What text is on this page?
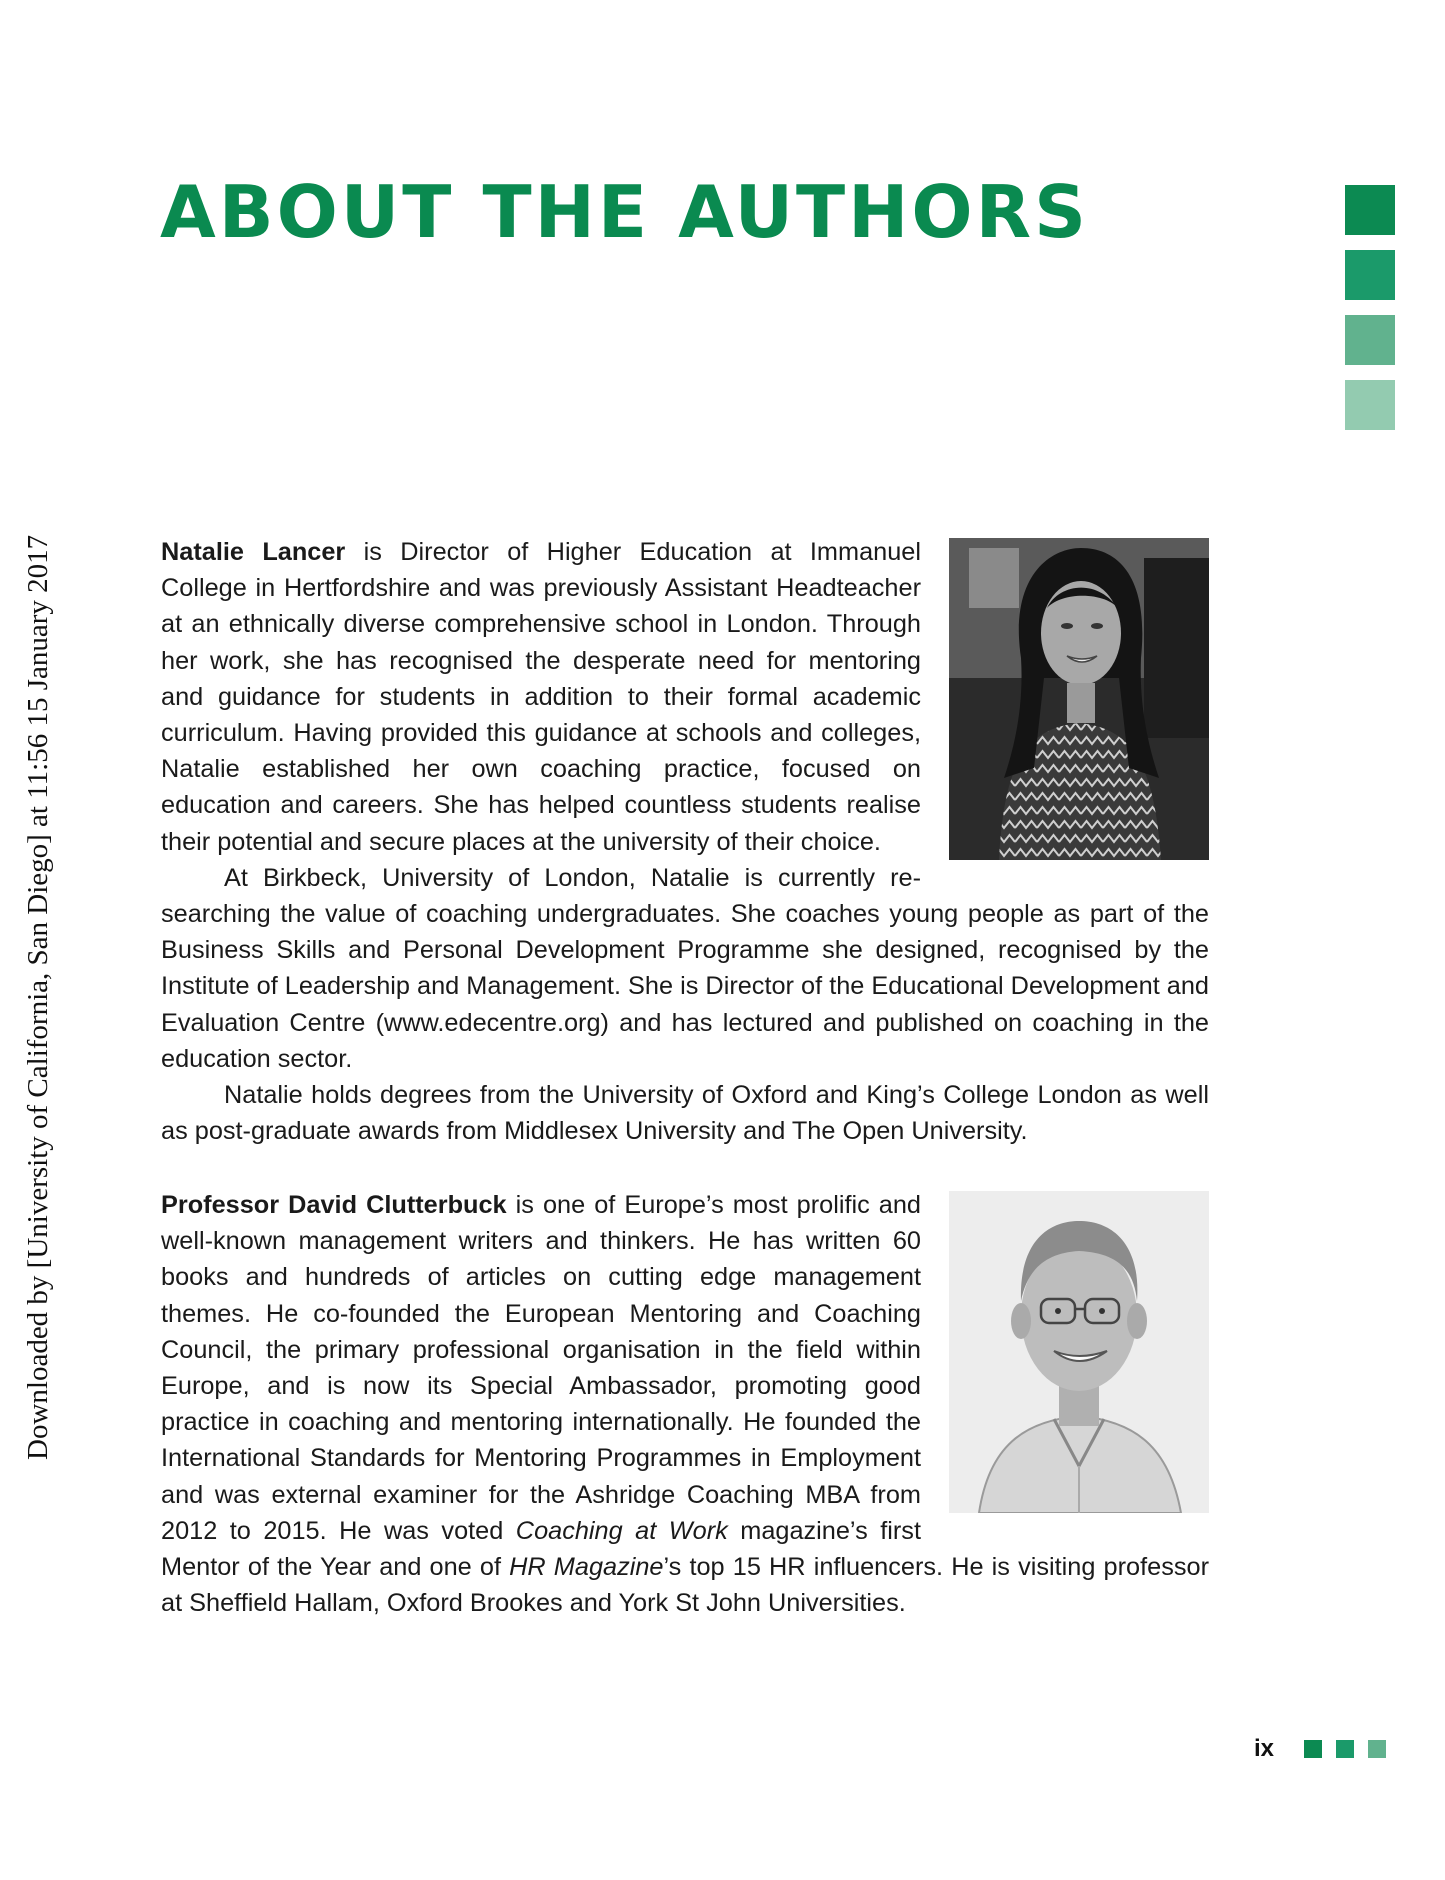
Downloaded by [University of California, San Diego] at 11:56 15 January 2017
ABOUT THE AUTHORS

Natalie Lancer is Director of Higher Education at Immanuel College in Hertfordshire and was previously Assistant Headteacher at an ethnically diverse comprehensive school in London. Through her work, she has recognised the desperate need for mentoring and guidance for students in addition to their formal academic curriculum. Having provided this guidance at schools and colleges, Natalie established her own coaching practice, focused on education and careers. She has helped countless students realise their potential and secure places at the university of their choice.

At Birkbeck, University of London, Natalie is currently researching the value of coaching undergraduates. She coaches young people as part of the Business Skills and Personal Development Programme she designed, recognised by the Institute of Leadership and Management. She is Director of the Educational Development and Evaluation Centre (www.edecentre.org) and has lectured and published on coaching in the education sector.

Natalie holds degrees from the University of Oxford and King’s College London as well as post-graduate awards from Middlesex University and The Open University.

Professor David Clutterbuck is one of Europe’s most prolific and well-known management writers and thinkers. He has written 60 books and hundreds of articles on cutting edge management themes. He co-founded the European Mentoring and Coaching Council, the primary professional organisation in the field within Europe, and is now its Special Ambassador, promoting good practice in coaching and mentoring internationally. He founded the International Standards for Mentoring Programmes in Employment and was external examiner for the Ashridge Coaching MBA from 2012 to 2015. He was voted Coaching at Work magazine’s first Mentor of the Year and one of HR Magazine’s top 15 HR influencers. He is visiting professor at Sheffield Hallam, Oxford Brookes and York St John Universities.

ix
